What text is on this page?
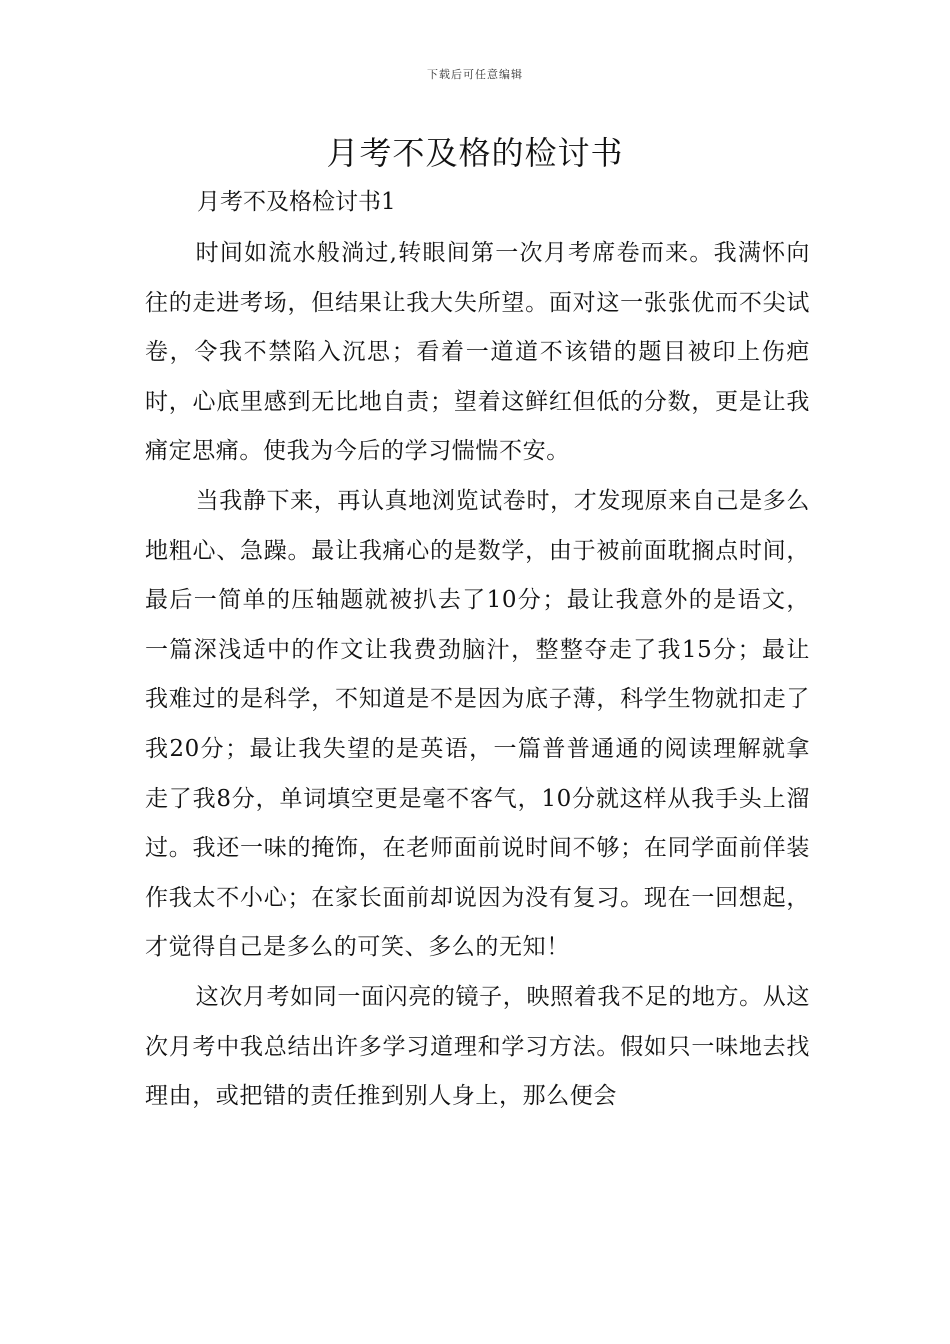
下载后可任意编辑
月考不及格的检讨书

月考不及格检讨书1

时间如流水般淌过,转眼间第一次月考席卷而来。我满怀向往的走进考场，但结果让我大失所望。面对这一张张优而不尖试卷，令我不禁陷入沉思；看着一道道不该错的题目被印上伤疤时，心底里感到无比地自责；望着这鲜红但低的分数，更是让我痛定思痛。使我为今后的学习惴惴不安。

当我静下来，再认真地浏览试卷时，才发现原来自己是多么地粗心、急躁。最让我痛心的是数学，由于被前面耽搁点时间，最后一简单的压轴题就被扒去了10分；最让我意外的是语文，一篇深浅适中的作文让我费劲脑汁，整整夺走了我15分；最让我难过的是科学，不知道是不是因为底子薄，科学生物就扣走了我20分；最让我失望的是英语，一篇普普通通的阅读理解就拿走了我8分，单词填空更是毫不客气，10分就这样从我手头上溜过。我还一味的掩饰，在老师面前说时间不够；在同学面前佯装作我太不小心；在家长面前却说因为没有复习。现在一回想起，才觉得自己是多么的可笑、多么的无知！

这次月考如同一面闪亮的镜子，映照着我不足的地方。从这次月考中我总结出许多学习道理和学习方法。假如只一味地去找理由，或把错的责任推到别人身上，那么便会
